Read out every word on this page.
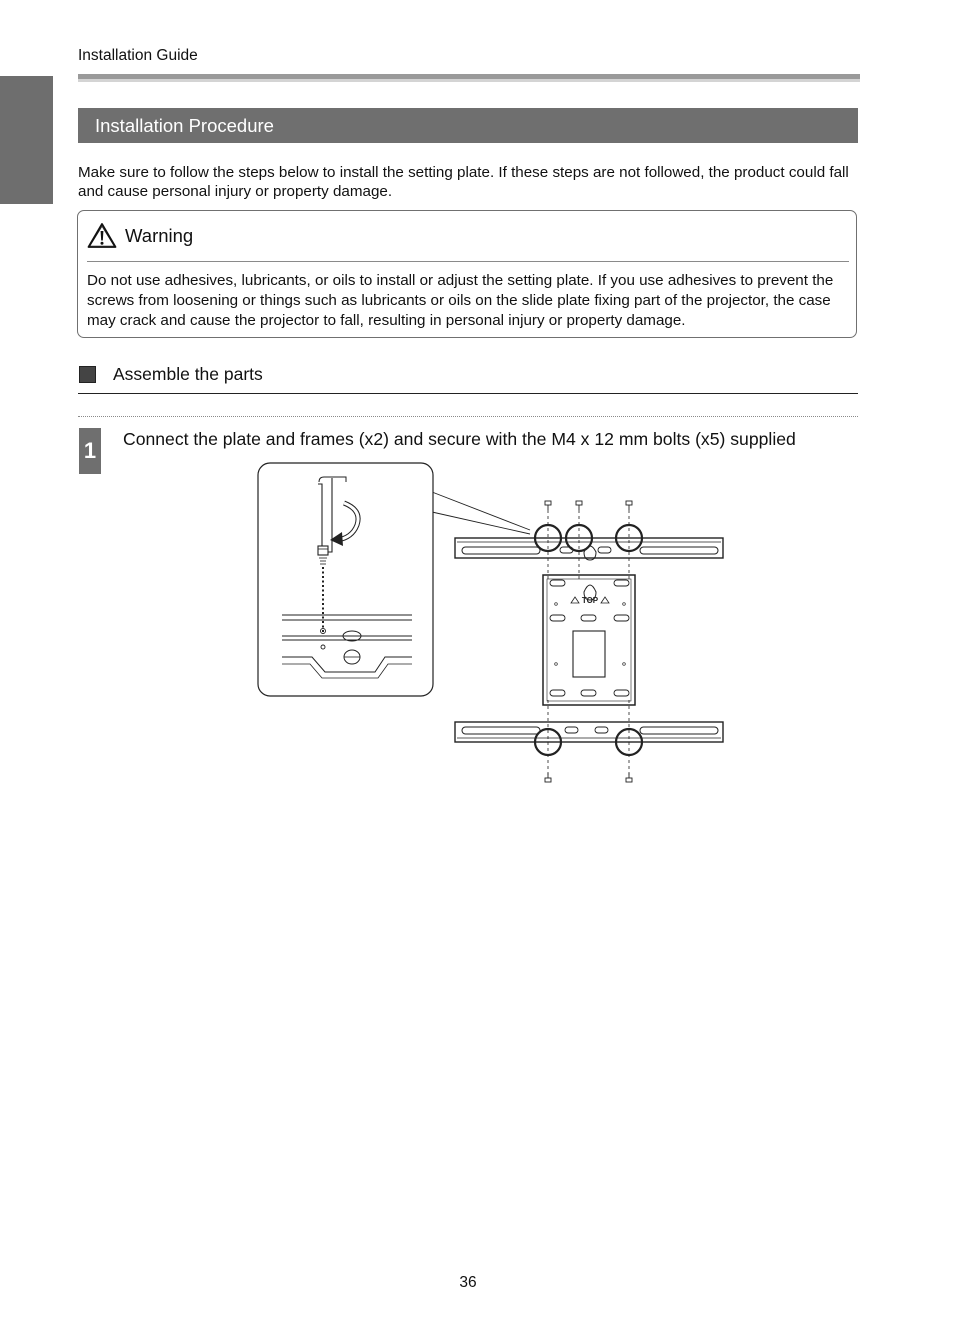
Installation Guide
Installation Procedure

Make sure to follow the steps below to install the setting plate. If these steps are not followed, the product could fall and cause personal injury or property damage.

Warning

Do not use adhesives, lubricants, or oils to install or adjust the setting plate. If you use adhesives to prevent the screws from loosening or things such as lubricants or oils on the slide plate fixing part of the projector, the case may crack and cause the projector to fall, resulting in personal injury or property damage.

Assemble the parts
1 Connect the plate and frames (x2) and secure with the M4 x 12 mm bolts (x5) supplied
TOP
36
